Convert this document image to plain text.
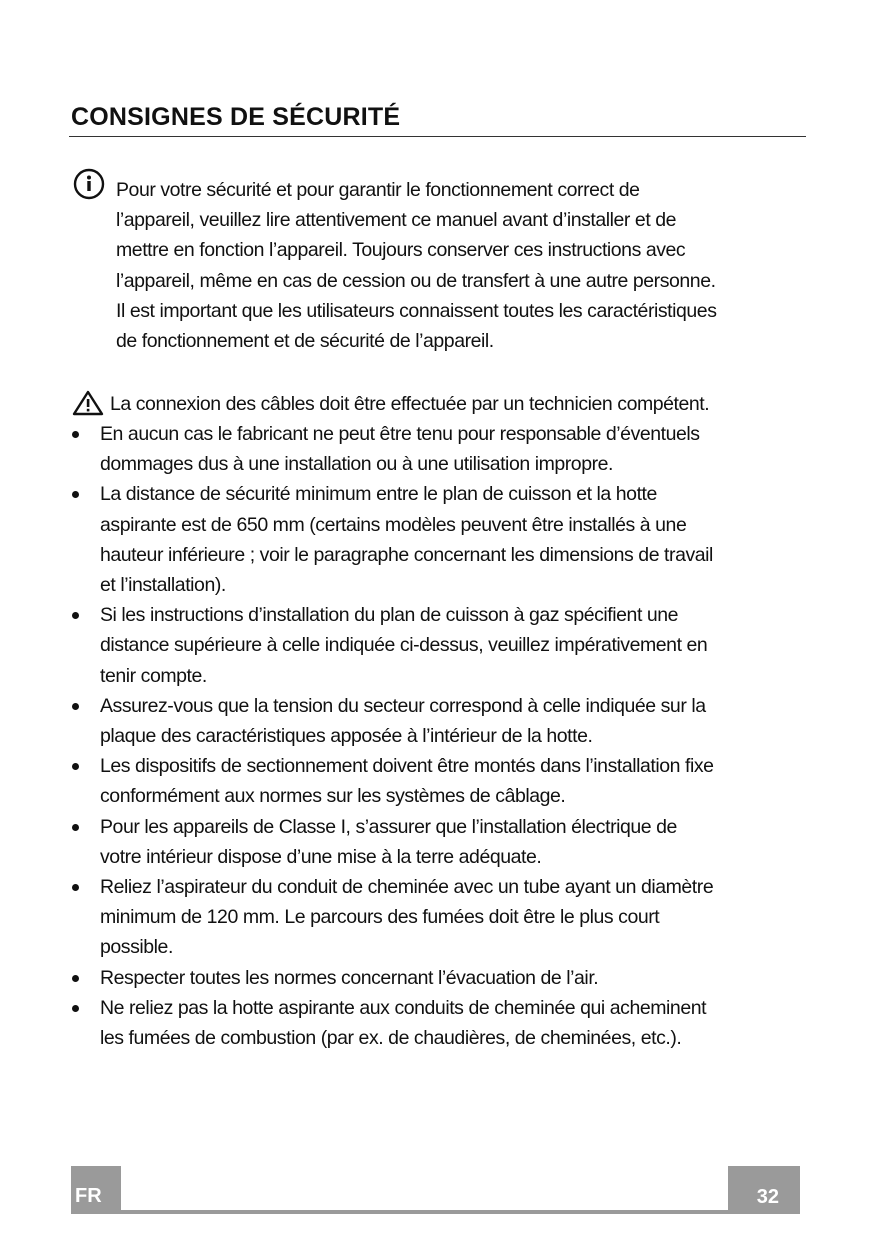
CONSIGNES DE SÉCURITÉ
Pour votre sécurité et pour garantir le fonctionnement correct de
l’appareil, veuillez lire attentivement ce manuel avant d’installer et de
mettre en fonction l’appareil. Toujours conserver ces instructions avec
l’appareil, même en cas de cession ou de transfert à une autre personne.
Il est important que les utilisateurs connaissent toutes les caractéristiques
de fonctionnement et de sécurité de l’appareil.
La connexion des câbles doit être effectuée par un technicien compétent.
En aucun cas le fabricant ne peut être tenu pour responsable d’éventuels
dommages dus à une installation ou à une utilisation impropre.
La distance de sécurité minimum entre le plan de cuisson et la hotte
aspirante est de 650 mm (certains modèles peuvent être installés à une
hauteur inférieure ; voir le paragraphe concernant les dimensions de travail
et l’installation).
Si les instructions d’installation du plan de cuisson à gaz spécifient une
distance supérieure à celle indiquée ci-dessus, veuillez impérativement en
tenir compte.
Assurez-vous que la tension du secteur correspond à celle indiquée sur la
plaque des caractéristiques apposée à l’intérieur de la hotte.
Les dispositifs de sectionnement doivent être montés dans l’installation fixe
conformément aux normes sur les systèmes de câblage.
Pour les appareils de Classe I, s’assurer que l’installation électrique de
votre intérieur dispose d’une mise à la terre adéquate.
Reliez l’aspirateur du conduit de cheminée avec un tube ayant un diamètre
minimum de 120 mm. Le parcours des fumées doit être le plus court
possible.
Respecter toutes les normes concernant l’évacuation de l’air.
Ne reliez pas la hotte aspirante aux conduits de cheminée qui acheminent
les fumées de combustion (par ex. de chaudières, de cheminées, etc.).
FR	32
